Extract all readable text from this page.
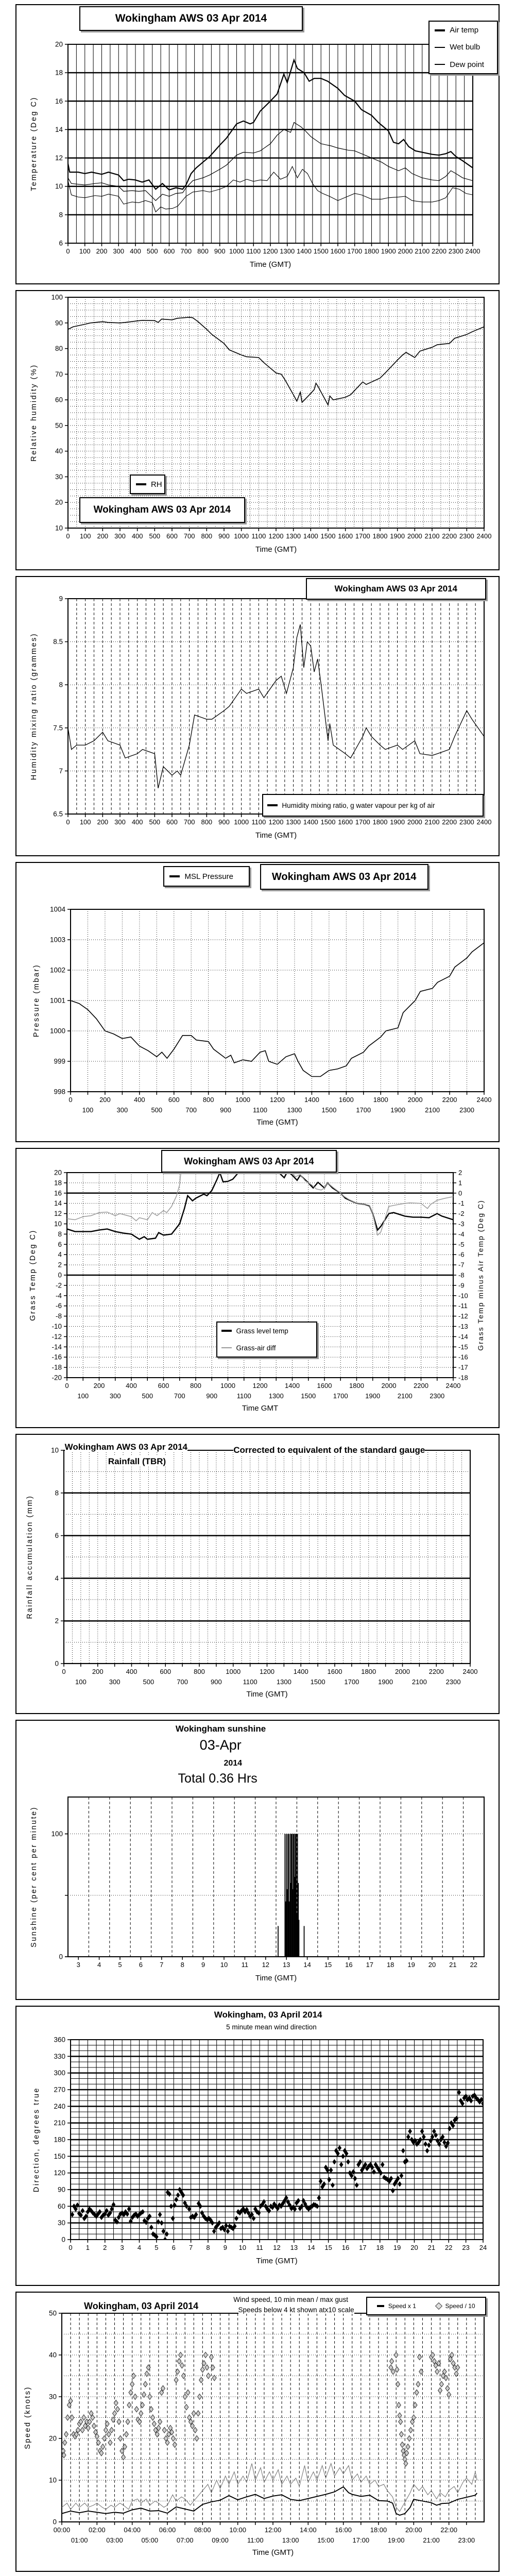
0 100 200 300 400 500 600 700 800 900 1000 1100 1200 1300 1400 1500 1600 1700 1800 1900 2000 2100 2200 2300 2400
6
8
10
12
14
16
18
20
Time (GMT)
Temperature (Deg C)
Wokingham AWS 03 Apr 2014
Air temp
Wet bulb
Dew point
0 100 200 300 400 500 600 700 800 900 1000 1100 1200 1300 1400 1500 1600 1700 1800 1900 2000 2100 2200 2300 2400
10
20
30
40
50
60
70
80
90
100
Time (GMT)
Relative humidity (%)
RH
Wokingham AWS 03 Apr 2014
0 100 200 300 400 500 600 700 800 900 1000 1100 1200 1300 1400 1500 1600 1700 1800 1900 2000 2100 2200 2300 2400
6.5
7
7.5
8
8.5
9
Time (GMT)
Humidity mixing ratio (grammes)
Wokingham AWS 03 Apr 2014
Humidity mixing ratio, g water vapour per kg of air
0
100
200
300
400
500
600
700
800
900
1000
1100
1200
1300
1400
1500
1600
1700
1800
1900
2000
2100
2200
2300
2400
998
999
1000
1001
1002
1003
1004
Time (GMT)
Pressure (mbar)
MSL Pressure	Wokingham AWS 03 Apr 2014
0
100
200
300
400
500
600
700
800
900
1000
1100
1200
1300
1400
1500
1600
1700
1800
1900
2000
2100
2200
2300
2400
-20
-18
-16
-14
-12
-10
-8
-6
-4
-2
0
2
4
6
8
10
12
14
16
18
20
-18
-17
-16
-15
-14
-13
-12
-11
-10
-9
-8
-7
-6
-5
-4
-3
-2
-1
0
1
2
Time GMT
Grass Temp (Deg C)	Grass Temp minus Air Temp (Deg C)
Wokingham AWS 03 Apr 2014
Grass level temp
Grass-air diff
0
100
200
300
400
500
600
700
800
900
1000
1100
1200
1300
1400
1500
1600
1700
1800
1900
2000
2100
2200
2300
2400
0
2
4
6
8
10
Time (GMT)
Rainfall accumulation (mm)
Wokingham AWS 03 Apr 2014
Rainfall (TBR)
Corrected to equivalent of the standard gauge
3	4	5	6	7	8	9 10 11 12 13 14 15 16 17 18 19 20 21 22
0
100
Time (GMT)
Sunshine (per cent per minute)
Wokingham sunshine
03-Apr
2014
Total 0.36 Hrs
0 1 2 3 4 5 6 7 8 9 10 11 12 13 14 15 16 17 18 19 20 21 22 23 24
0
30
60
90
120
150
180
210
240
270
300
330
360
Time (GMT)
Direction, degrees true
Wokingham, 03 April 2014
5 minute mean wind direction
00:00
01:00
02:00
03:00
04:00
05:00
06:00
07:00
08:00
09:00
10:00
11:00
12:00
13:00
14:00
15:00
16:00
17:00
18:00
19:00
20:00
21:00
22:00
23:00
0
10
20
30
40
50
Time (GMT)
Speed (knots)
Wokingham, 03 April 2014
Wind speed, 10 min mean / max gust
Speeds below 4 kt shown atx10 scale	Speed x 1	Speed / 10
